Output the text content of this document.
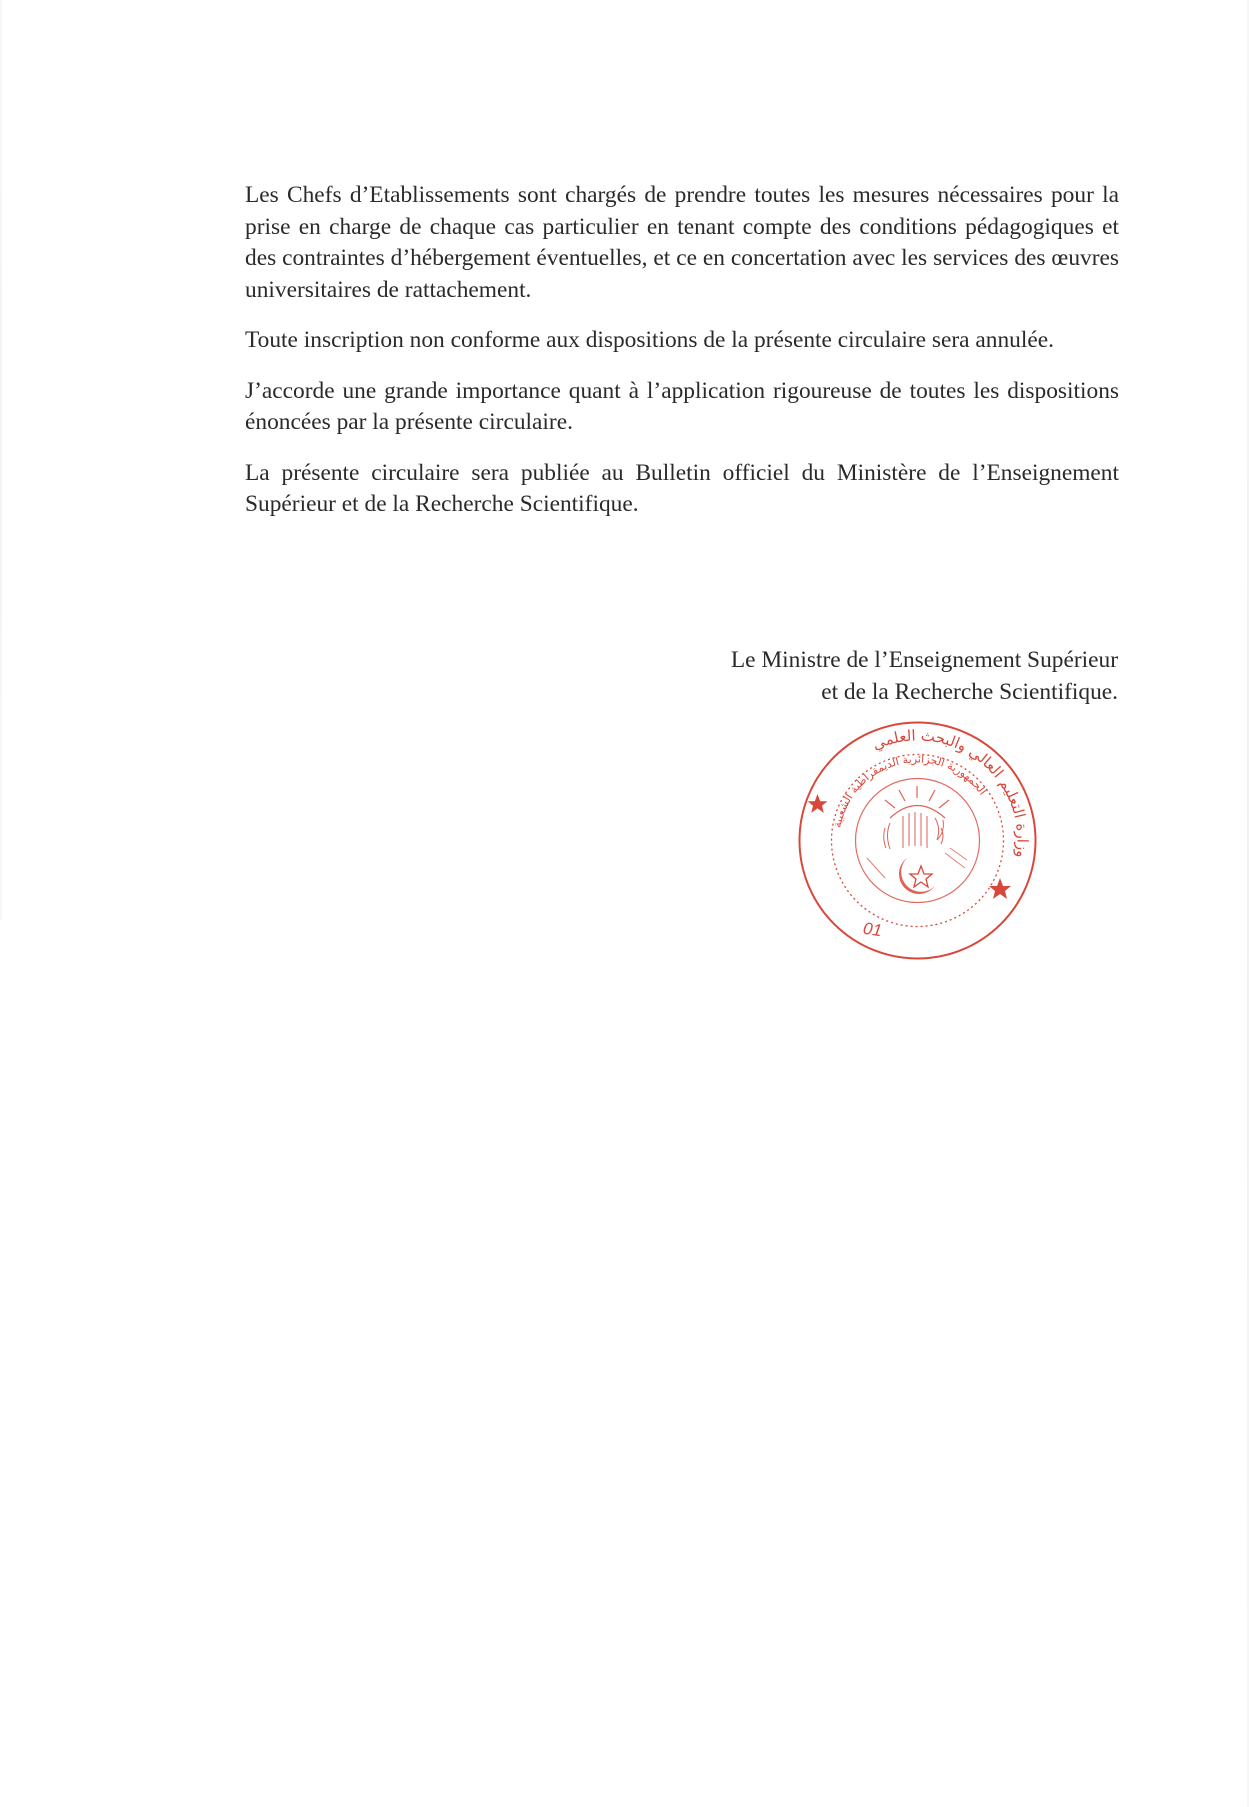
Les Chefs d’Etablissements sont chargés de prendre toutes les mesures nécessaires pour la prise en charge de chaque cas particulier en tenant compte des conditions pédagogiques et des contraintes d’hébergement éventuelles, et ce en concertation avec les services des œuvres universitaires de rattachement.

Toute inscription non conforme aux dispositions de la présente circulaire sera annulée.

J’accorde une grande importance quant à l’application rigoureuse de toutes les dispositions énoncées par la présente circulaire.

La présente circulaire sera publiée au Bulletin officiel du Ministère de l’Enseignement Supérieur et de la Recherche Scientifique.

Le Ministre de l’Enseignement Supérieur
et de la Recherche Scientifique.
وزارة التعليم العالي والبحث العلمي
الجمهورية الجزائرية الديمقراطية الشعبية
01
